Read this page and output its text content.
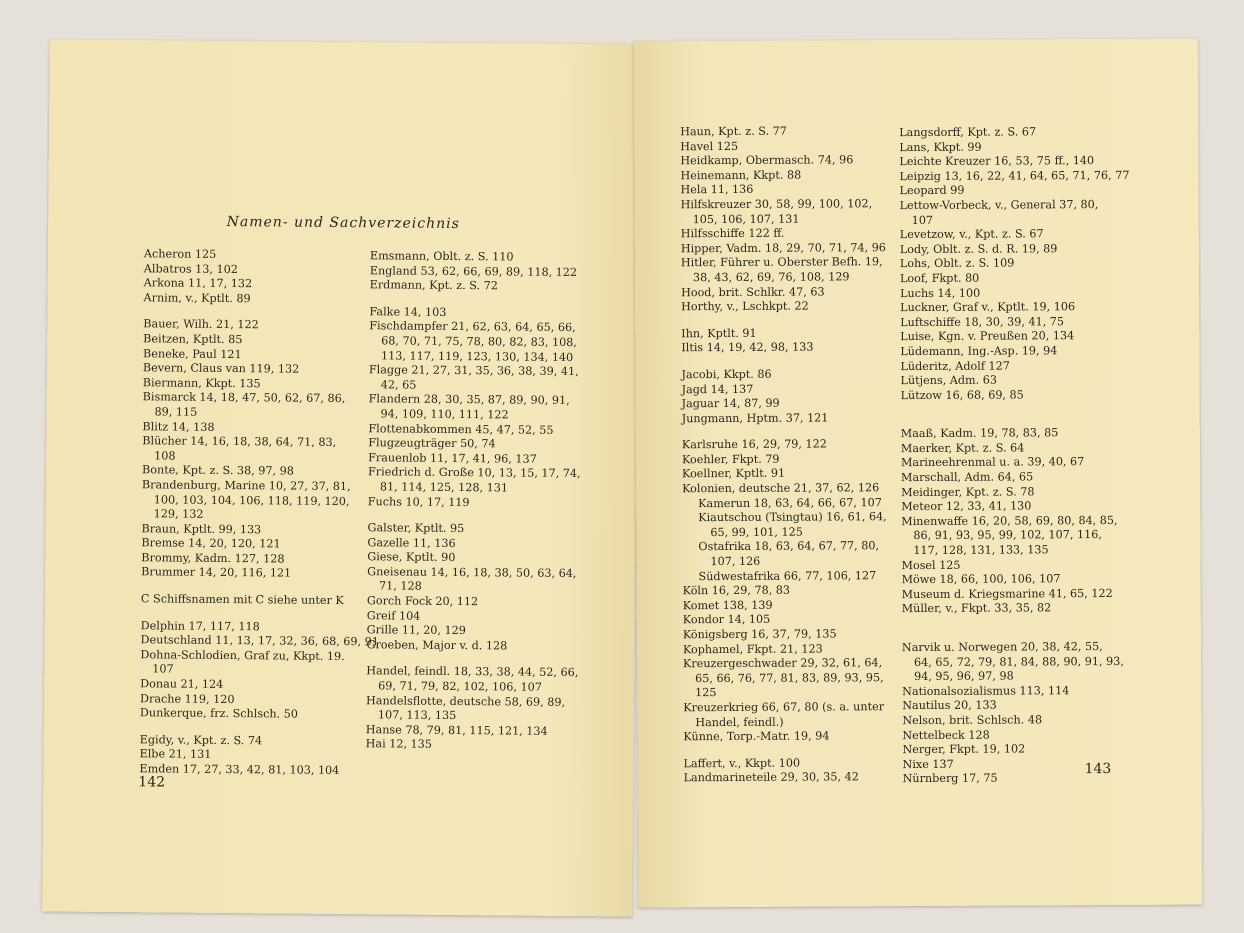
Namen- und Sachverzeichnis
Acheron 125
Albatros 13, 102
Arkona 11, 17, 132
Arnim, v., Kptlt. 89
Bauer, Wilh. 21, 122
Beitzen, Kptlt. 85
Beneke, Paul 121
Bevern, Claus van 119, 132
Biermann, Kkpt. 135
Bismarck 14, 18, 47, 50, 62, 67, 86, 89, 115
Blitz 14, 138
Blücher 14, 16, 18, 38, 64, 71, 83, 108
Bonte, Kpt. z. S. 38, 97, 98
Brandenburg, Marine 10, 27, 37, 81, 100, 103, 104, 106, 118, 119, 120, 129, 132
Braun, Kptlt. 99, 133
Bremse 14, 20, 120, 121
Brommy, Kadm. 127, 128
Brummer 14, 20, 116, 121
C Schiffsnamen mit C siehe unter K
Delphin 17, 117, 118
Deutschland 11, 13, 17, 32, 36, 68, 69, 91
Dohna-Schlodien, Graf zu, Kkpt. 19. 107
Donau 21, 124
Drache 119, 120
Dunkerque, frz. Schlsch. 50
Egidy, v., Kpt. z. S. 74
Elbe 21, 131
Emden 17, 27, 33, 42, 81, 103, 104
Emsmann, Oblt. z. S. 110
England 53, 62, 66, 69, 89, 118, 122
Erdmann, Kpt. z. S. 72
Falke 14, 103
Fischdampfer 21, 62, 63, 64, 65, 66, 68, 70, 71, 75, 78, 80, 82, 83, 108, 113, 117, 119, 123, 130, 134, 140
Flagge 21, 27, 31, 35, 36, 38, 39, 41, 42, 65
Flandern 28, 30, 35, 87, 89, 90, 91, 94, 109, 110, 111, 122
Flottenabkommen 45, 47, 52, 55
Flugzeugträger 50, 74
Frauenlob 11, 17, 41, 96, 137
Friedrich d. Große 10, 13, 15, 17, 74, 81, 114, 125, 128, 131
Fuchs 10, 17, 119
Galster, Kptlt. 95
Gazelle 11, 136
Giese, Kptlt. 90
Gneisenau 14, 16, 18, 38, 50, 63, 64, 71, 128
Gorch Fock 20, 112
Greif 104
Grille 11, 20, 129
Groeben, Major v. d. 128
Handel, feindl. 18, 33, 38, 44, 52, 66, 69, 71, 79, 82, 102, 106, 107
Handelsflotte, deutsche 58, 69, 89, 107, 113, 135
Hanse 78, 79, 81, 115, 121, 134
Hai 12, 135
142
Haun, Kpt. z. S. 77
Havel 125
Heidkamp, Obermasch. 74, 96
Heinemann, Kkpt. 88
Hela 11, 136
Hilfskreuzer 30, 58, 99, 100, 102, 105, 106, 107, 131
Hilfsschiffe 122 ff.
Hipper, Vadm. 18, 29, 70, 71, 74, 96
Hitler, Führer u. Oberster Befh. 19, 38, 43, 62, 69, 76, 108, 129
Hood, brit. Schlkr. 47, 63
Horthy, v., Lschkpt. 22
Ihn, Kptlt. 91
Iltis 14, 19, 42, 98, 133
Jacobi, Kkpt. 86
Jagd 14, 137
Jaguar 14, 87, 99
Jungmann, Hptm. 37, 121
Karlsruhe 16, 29, 79, 122
Koehler, Fkpt. 79
Koellner, Kptlt. 91
Kolonien, deutsche 21, 37, 62, 126
Kamerun 18, 63, 64, 66, 67, 107
Kiautschou (Tsingtau) 16, 61, 64, 65, 99, 101, 125
Ostafrika 18, 63, 64, 67, 77, 80, 107, 126
Südwestafrika 66, 77, 106, 127
Köln 16, 29, 78, 83
Komet 138, 139
Kondor 14, 105
Königsberg 16, 37, 79, 135
Kophamel, Fkpt. 21, 123
Kreuzergeschwader 29, 32, 61, 64, 65, 66, 76, 77, 81, 83, 89, 93, 95, 125
Kreuzerkrieg 66, 67, 80 (s. a. unter Handel, feindl.)
Künne, Torp.-Matr. 19, 94
Laffert, v., Kkpt. 100
Landmarineteile 29, 30, 35, 42
Langsdorff, Kpt. z. S. 67
Lans, Kkpt. 99
Leichte Kreuzer 16, 53, 75 ff., 140
Leipzig 13, 16, 22, 41, 64, 65, 71, 76, 77
Leopard 99
Lettow-Vorbeck, v., General 37, 80, 107
Levetzow, v., Kpt. z. S. 67
Lody, Oblt. z. S. d. R. 19, 89
Lohs, Oblt. z. S. 109
Loof, Fkpt. 80
Luchs 14, 100
Luckner, Graf v., Kptlt. 19, 106
Luftschiffe 18, 30, 39, 41, 75
Luise, Kgn. v. Preußen 20, 134
Lüdemann, Ing.-Asp. 19, 94
Lüderitz, Adolf 127
Lütjens, Adm. 63
Lützow 16, 68, 69, 85
Maaß, Kadm. 19, 78, 83, 85
Maerker, Kpt. z. S. 64
Marineehrenmal u. a. 39, 40, 67
Marschall, Adm. 64, 65
Meidinger, Kpt. z. S. 78
Meteor 12, 33, 41, 130
Minenwaffe 16, 20, 58, 69, 80, 84, 85, 86, 91, 93, 95, 99, 102, 107, 116, 117, 128, 131, 133, 135
Mosel 125
Möwe 18, 66, 100, 106, 107
Museum d. Kriegsmarine 41, 65, 122
Müller, v., Fkpt. 33, 35, 82
Narvik u. Norwegen 20, 38, 42, 55, 64, 65, 72, 79, 81, 84, 88, 90, 91, 93, 94, 95, 96, 97, 98
Nationalsozialismus 113, 114
Nautilus 20, 133
Nelson, brit. Schlsch. 48
Nettelbeck 128
Nerger, Fkpt. 19, 102
Nixe 137
Nürnberg 17, 75
143
